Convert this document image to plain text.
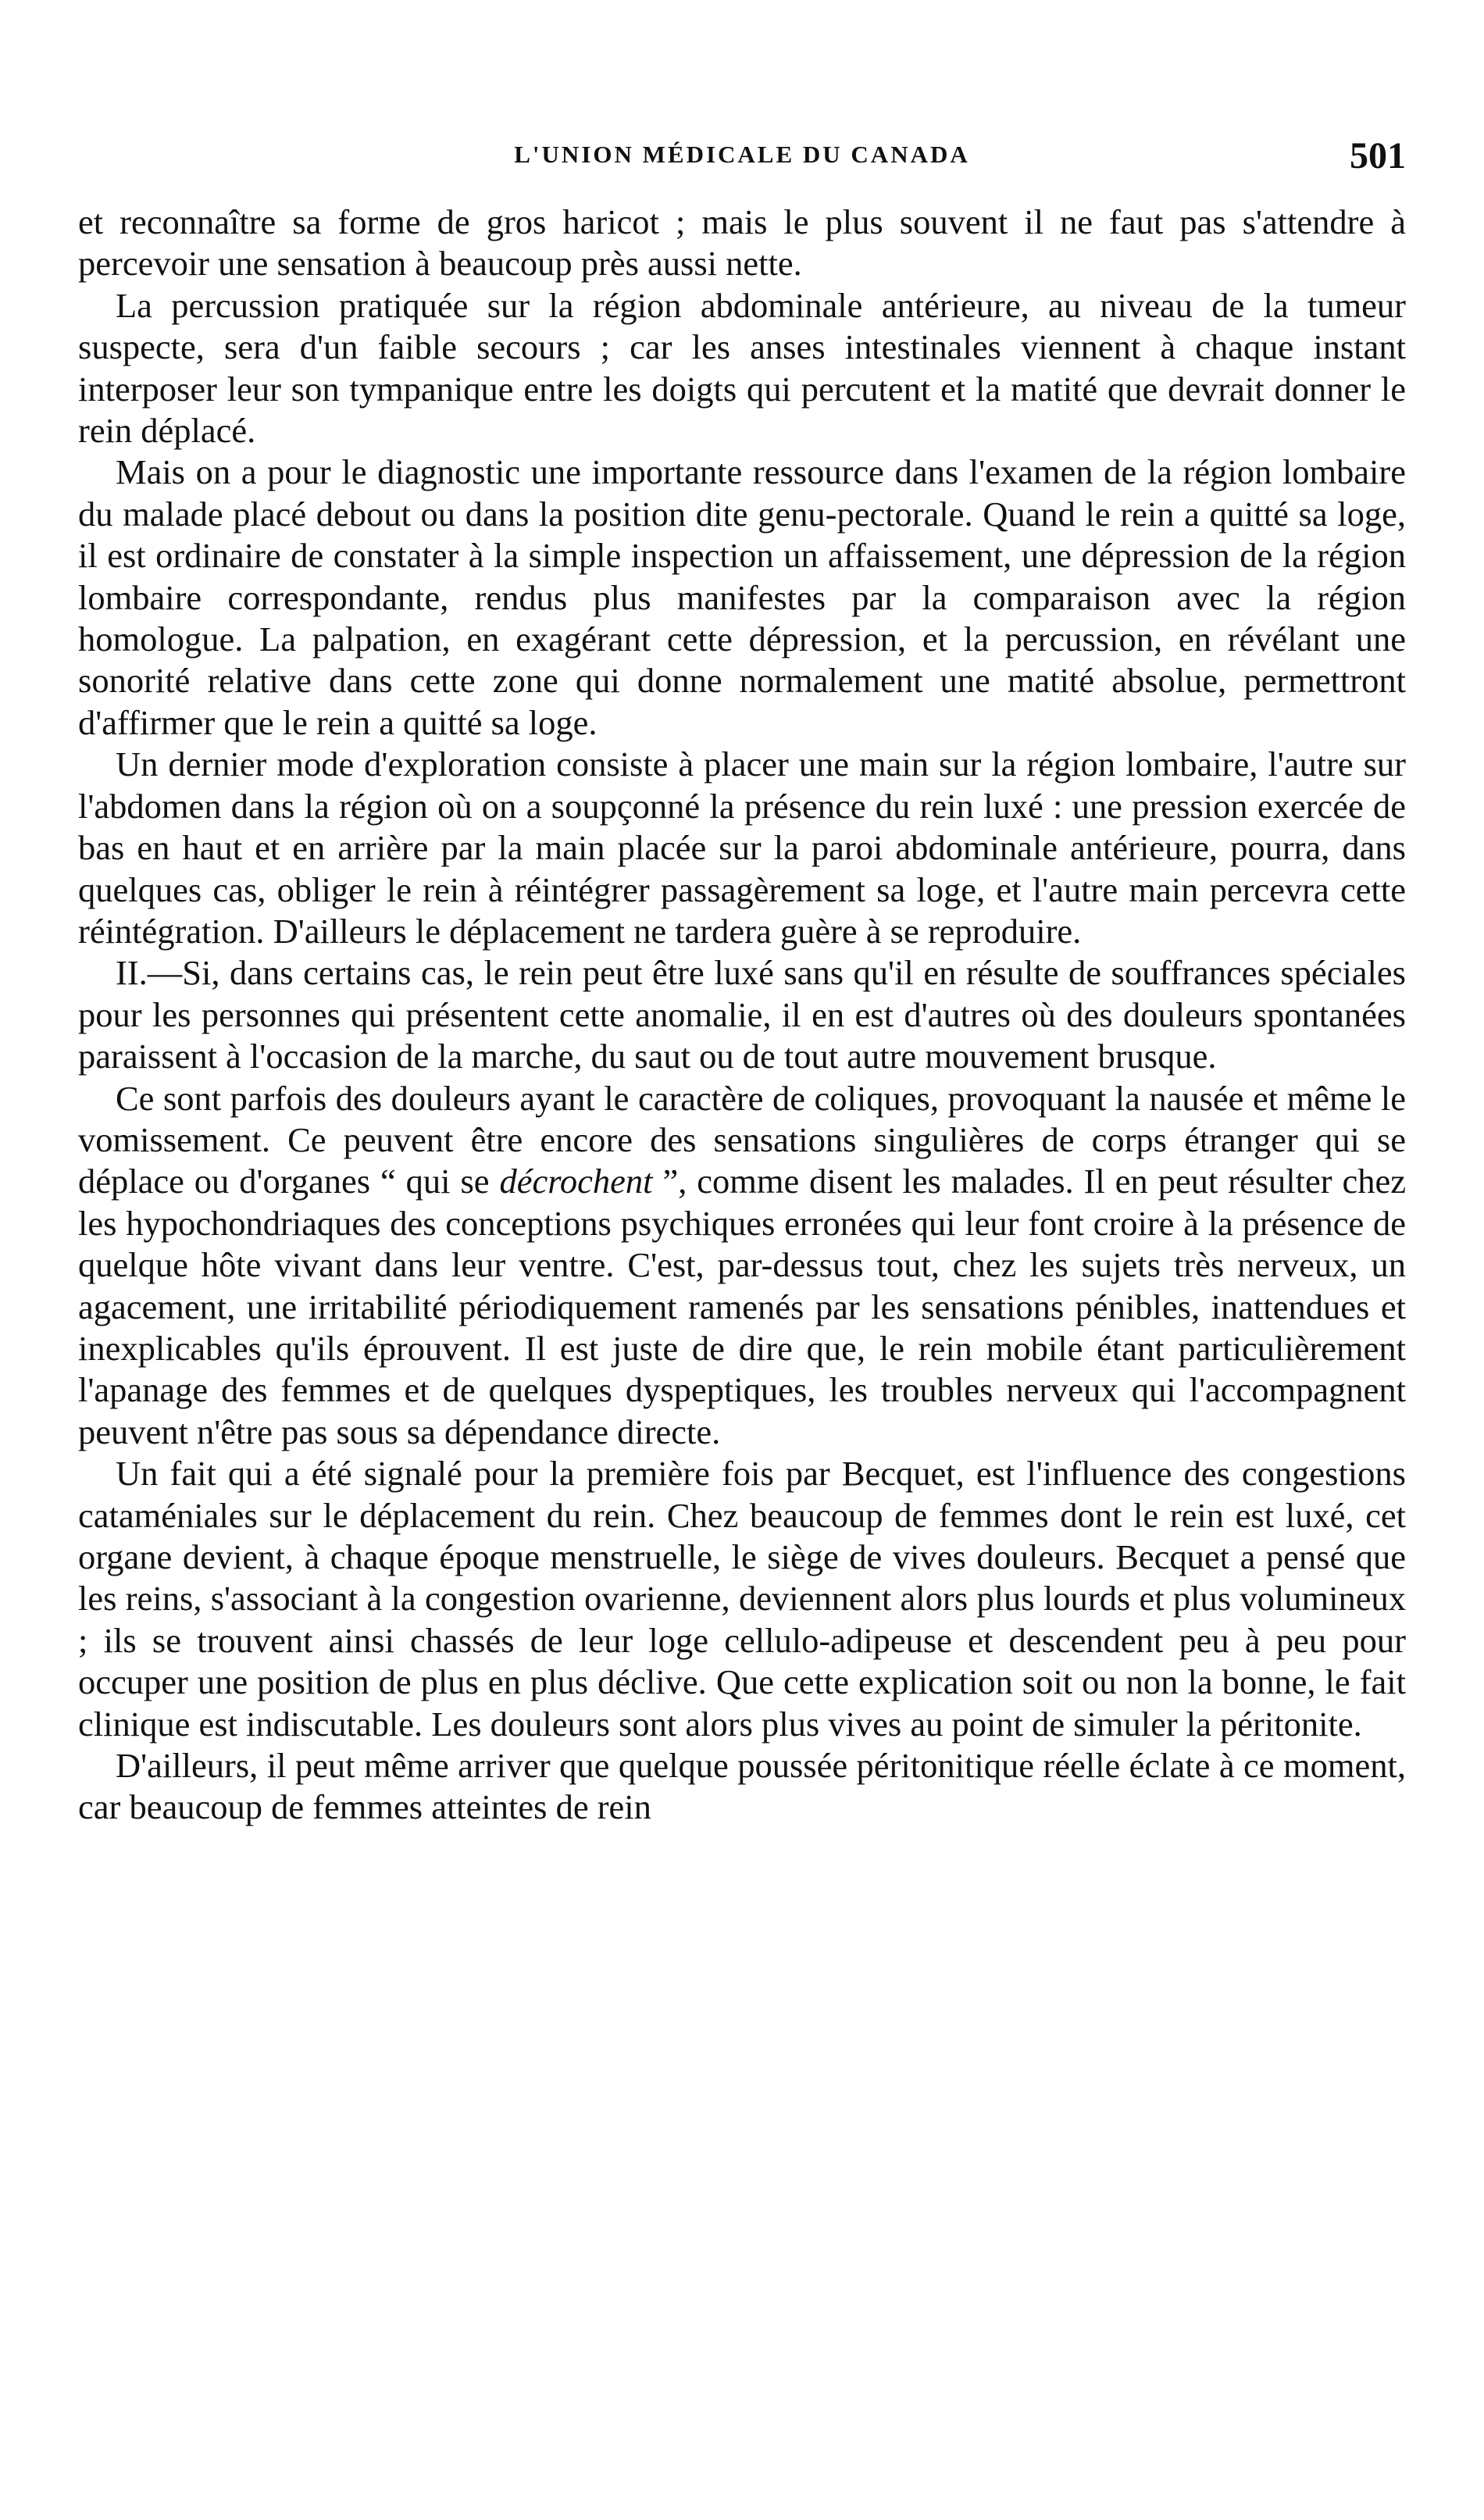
L'UNION MÉDICALE DU CANADA	501

et reconnaître sa forme de gros haricot ; mais le plus souvent il ne faut pas s'attendre à percevoir une sensation à beaucoup près aussi nette.

La percussion pratiquée sur la région abdominale antérieure, au niveau de la tumeur suspecte, sera d'un faible secours ; car les anses intestinales viennent à chaque instant interposer leur son tympanique entre les doigts qui percutent et la matité que devrait donner le rein déplacé.

Mais on a pour le diagnostic une importante ressource dans l'examen de la région lombaire du malade placé debout ou dans la position dite genu-pectorale. Quand le rein a quitté sa loge, il est ordinaire de constater à la simple inspection un affaissement, une dépression de la région lombaire correspondante, rendus plus manifestes par la comparaison avec la région homologue. La palpation, en exagérant cette dépression, et la percussion, en révélant une sonorité relative dans cette zone qui donne normalement une matité absolue, permettront d'affirmer que le rein a quitté sa loge.

Un dernier mode d'exploration consiste à placer une main sur la région lombaire, l'autre sur l'abdomen dans la région où on a soupçonné la présence du rein luxé : une pression exercée de bas en haut et en arrière par la main placée sur la paroi abdominale antérieure, pourra, dans quelques cas, obliger le rein à réintégrer passagèrement sa loge, et l'autre main percevra cette réintégration. D'ailleurs le déplacement ne tardera guère à se reproduire.

II.—Si, dans certains cas, le rein peut être luxé sans qu'il en résulte de souffrances spéciales pour les personnes qui présentent cette anomalie, il en est d'autres où des douleurs spontanées paraissent à l'occasion de la marche, du saut ou de tout autre mouvement brusque.

Ce sont parfois des douleurs ayant le caractère de coliques, provoquant la nausée et même le vomissement. Ce peuvent être encore des sensations singulières de corps étranger qui se déplace ou d'organes “ qui se décrochent ”, comme disent les malades. Il en peut résulter chez les hypochondriaques des conceptions psychiques erronées qui leur font croire à la présence de quelque hôte vivant dans leur ventre. C'est, par-dessus tout, chez les sujets très nerveux, un agacement, une irritabilité périodiquement ramenés par les sensations pénibles, inattendues et inexplicables qu'ils éprouvent. Il est juste de dire que, le rein mobile étant particulièrement l'apanage des femmes et de quelques dyspeptiques, les troubles nerveux qui l'accompagnent peuvent n'être pas sous sa dépendance directe.

Un fait qui a été signalé pour la première fois par Becquet, est l'influence des congestions cataméniales sur le déplacement du rein. Chez beaucoup de femmes dont le rein est luxé, cet organe devient, à chaque époque menstruelle, le siège de vives douleurs. Becquet a pensé que les reins, s'associant à la congestion ovarienne, deviennent alors plus lourds et plus volumineux ; ils se trouvent ainsi chassés de leur loge cellulo-adipeuse et descendent peu à peu pour occuper une position de plus en plus déclive. Que cette explication soit ou non la bonne, le fait clinique est indiscutable. Les douleurs sont alors plus vives au point de simuler la péritonite.

D'ailleurs, il peut même arriver que quelque poussée péritonitique réelle éclate à ce moment, car beaucoup de femmes atteintes de rein
